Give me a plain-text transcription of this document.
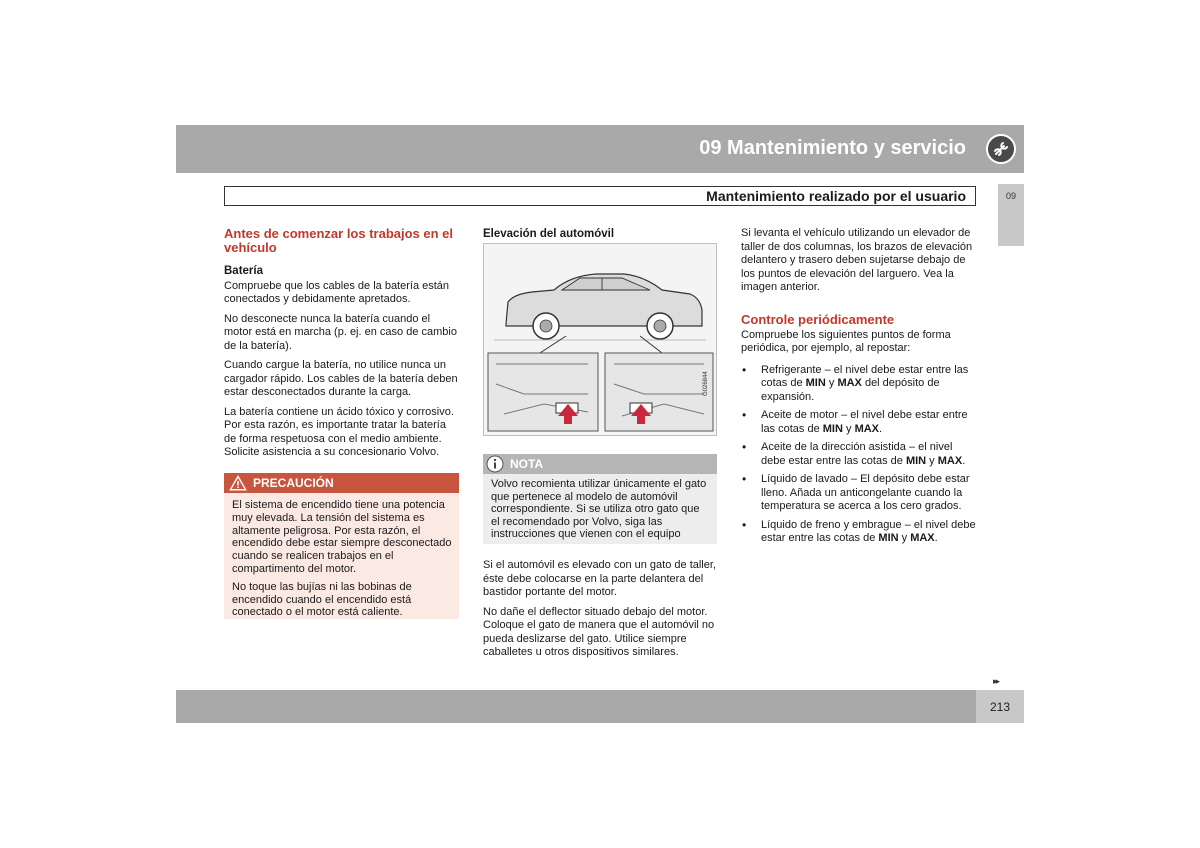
09 Mantenimiento y servicio
Mantenimiento realizado por el usuario	09
Antes de comenzar los trabajos en el vehículo
Batería

Compruebe que los cables de la batería están conectados y debidamente apretados.

No desconecte nunca la batería cuando el motor está en marcha (p. ej. en caso de cambio de la batería).

Cuando cargue la batería, no utilice nunca un cargador rápido. Los cables de la batería deben estar desconectados durante la carga.

La batería contiene un ácido tóxico y corrosivo. Por esta razón, es importante tratar la batería de forma respetuosa con el medio ambiente. Solicite asistencia a su concesionario Volvo.

PRECAUCIÓN

El sistema de encendido tiene una potencia muy elevada. La tensión del sistema es altamente peligrosa. Por esta razón, el encendido debe estar siempre desconectado cuando se realicen trabajos en el compartimento del motor.

No toque las bujías ni las bobinas de encendido cuando el encendido está conectado o el motor está caliente.

Elevación del automóvil
G026844
NOTA
Volvo recomienta utilizar únicamente el gato que pertenece al modelo de automóvil correspondiente. Si se utiliza otro gato que el recomendado por Volvo, siga las instrucciones que vienen con el equipo

Si el automóvil es elevado con un gato de taller, éste debe colocarse en la parte delantera del bastidor portante del motor.

No dañe el deflector situado debajo del motor. Coloque el gato de manera que el automóvil no pueda deslizarse del gato. Utilice siempre caballetes u otros dispositivos similares.

Si levanta el vehículo utilizando un elevador de taller de dos columnas, los brazos de elevación delantero y trasero deben sujetarse debajo de los puntos de elevación del larguero. Vea la imagen anterior.

Controle periódicamente

Compruebe los siguientes puntos de forma periódica, por ejemplo, al repostar:

• Refrigerante – el nivel debe estar entre las cotas de MIN y MAX del depósito de expansión.
• Aceite de motor – el nivel debe estar entre las cotas de MIN y MAX.
• Aceite de la dirección asistida – el nivel debe estar entre las cotas de MIN y MAX.
• Líquido de lavado – El depósito debe estar lleno. Añada un anticongelante cuando la temperatura se acerca a los cero grados.
• Líquido de freno y embrague – el nivel debe estar entre las cotas de MIN y MAX.
▸▸
213
